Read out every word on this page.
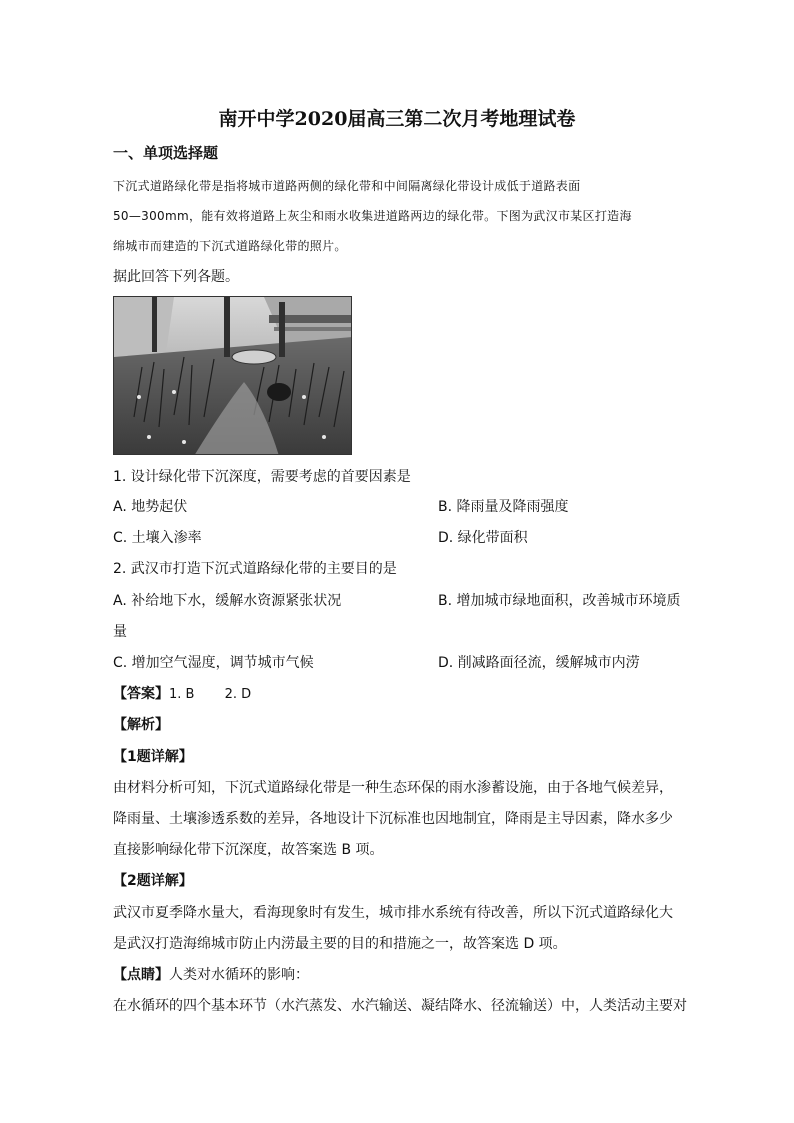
南开中学2020届高三第二次月考地理试卷
一、单项选择题
下沉式道路绿化带是指将城市道路两侧的绿化带和中间隔离绿化带设计成低于道路表面
50—300mm，能有效将道路上灰尘和雨水收集进道路两边的绿化带。下图为武汉市某区打造海
绵城市而建造的下沉式道路绿化带的照片。
据此回答下列各题。
1. 设计绿化带下沉深度，需要考虑的首要因素是
A. 地势起伏	B. 降雨量及降雨强度
C. 土壤入渗率	D. 绿化带面积
2. 武汉市打造下沉式道路绿化带的主要目的是
A. 补给地下水，缓解水资源紧张状况	B. 增加城市绿地面积，改善城市环境质
量
C. 增加空气湿度，调节城市气候	D. 削减路面径流，缓解城市内涝
【答案】1. B　　 2. D
【解析】
【1题详解】
由材料分析可知，下沉式道路绿化带是一种生态环保的雨水渗蓄设施，由于各地气候差异，
降雨量、土壤渗透系数的差异，各地设计下沉标准也因地制宜，降雨是主导因素，降水多少
直接影响绿化带下沉深度，故答案选 B 项。
【2题详解】
武汉市夏季降水量大，看海现象时有发生，城市排水系统有待改善，所以下沉式道路绿化大
是武汉打造海绵城市防止内涝最主要的目的和措施之一，故答案选 D 项。
【点睛】人类对水循环的影响：
在水循环的四个基本环节（水汽蒸发、水汽输送、凝结降水、径流输送）中，人类活动主要对
